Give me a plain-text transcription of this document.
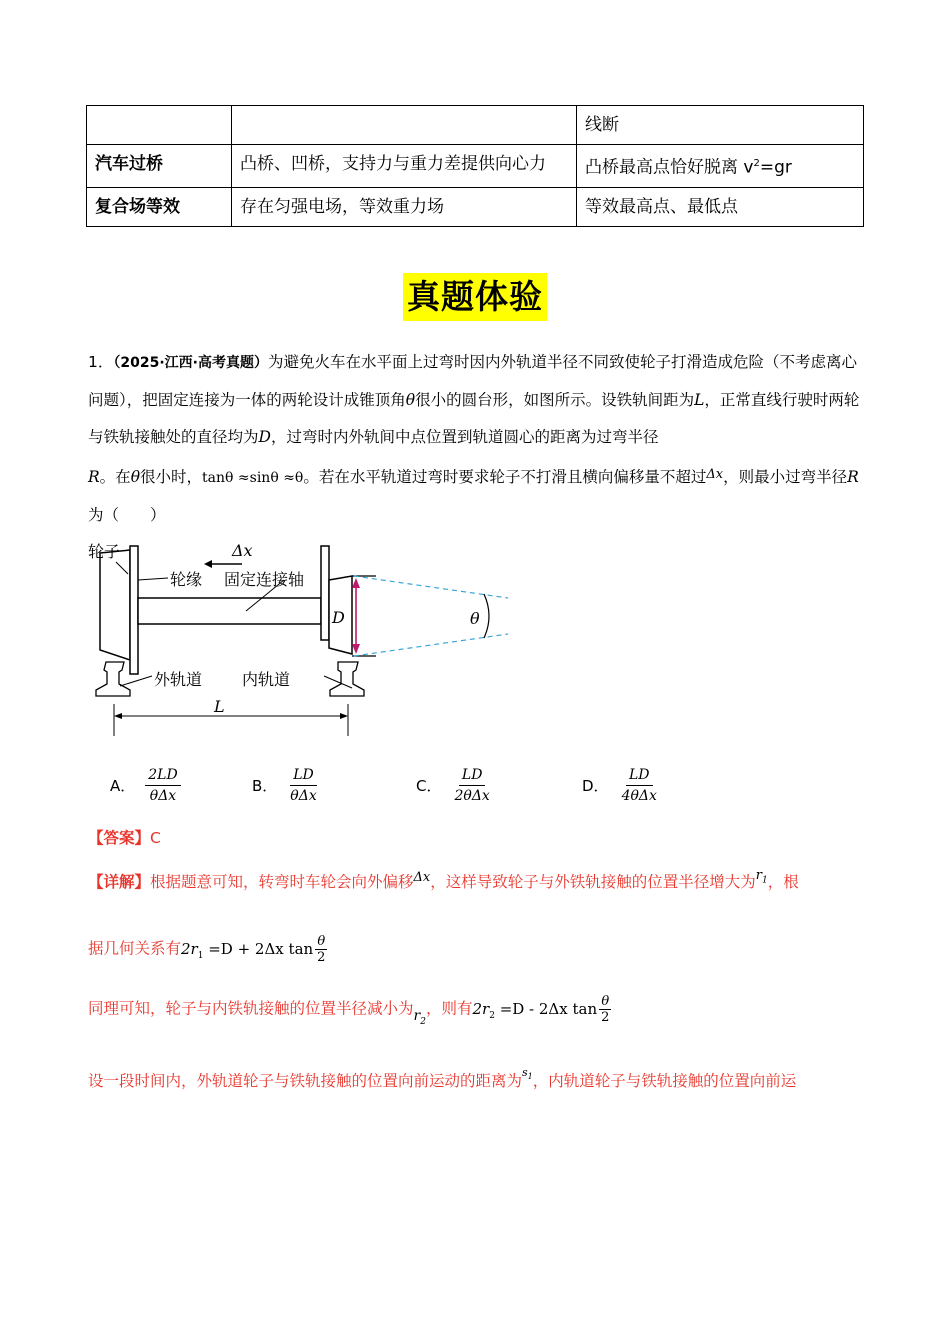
		线断
汽车过桥	凸桥、凹桥，支持力与重力差提供向心力	凸桥最高点恰好脱离 $v^2=gr$
复合场等效	存在匀强电场，等效重力场	等效最高点、最低点
真题体验

1．（2025·江西·高考真题）为避免火车在水平面上过弯时因内外轨道半径不同致使轮子打滑造成危险（不考虑离心问题），把固定连接为一体的两轮设计成锥顶角θ很小的圆台形，如图所示。设铁轨间距为L，正常直线行驶时两轮与铁轨接触处的直径均为D，过弯时内外轨间中点位置到轨道圆心的距离为过弯半径
R。在θ很小时，tanθ ≈sinθ ≈θ。若在水平轨道过弯时要求轮子不打滑且横向偏移量不超过$^{\Delta x}$，则最小过弯半径R为（　　）

轮子	Δx
轮缘 固定连接轴
D	θ
外轨道 内轨道
L
A． $\frac{2LD}{\text{θΔx}}$	B． $\frac{LD}{\text{θΔx}}$	C． $\frac{LD}{\text{2θΔx}}$	D． $\frac{LD}{\text{4θΔx}}$
【答案】C
【详解】根据题意可知，转弯时车轮会向外偏移$^{\Delta x}$，这样导致轮子与外铁轨接触的位置半径增大为$^{r_1}$，根
据几何关系有$2r_1 =D + 2\Delta x$ $\tan \frac{\theta}{2}$
同理可知，轮子与内铁轨接触的位置半径减小为$r_2$，则有$2r_2 =D - 2\Delta x$ $\tan \frac{\theta}{2}$
设一段时间内，外轨道轮子与铁轨接触的位置向前运动的距离为$^{s_1}$，内轨道轮子与铁轨接触的位置向前运
